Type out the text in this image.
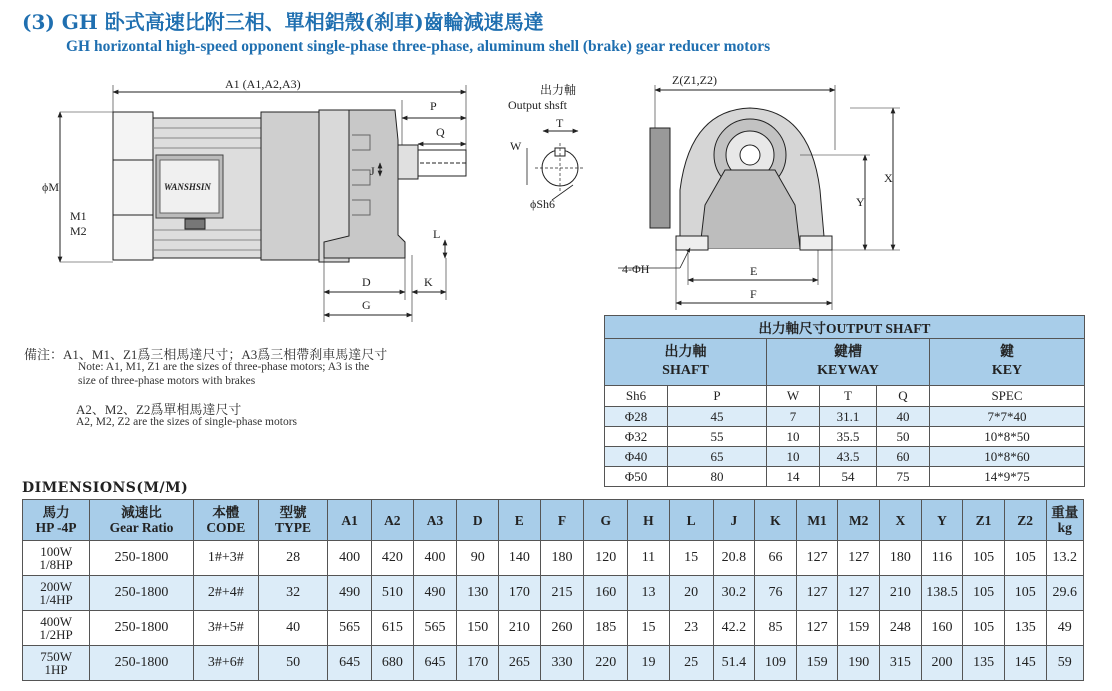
(3) GH 卧式高速比附三相、單相鋁殼(刹車)齒輪減速馬達
GH horizontal high-speed opponent single-phase three-phase, aluminum shell (brake) gear reducer motors
A1 (A1,A2,A3)
P
Q
J
L
D	K
G
ϕM
M1
M2
WANSHSIN
出力軸
Output shsft
T
W
ϕSh6
Z(Z1,Z2)
X
Y
E
F
4-ΦH
備注：A1、M1、Z1爲三相馬達尺寸；A3爲三相帶刹車馬達尺寸
Note: A1, M1, Z1 are the sizes of three-phase motors; A3 is the
size of three-phase motors with brakes
A2、M2、Z2爲單相馬達尺寸
A2, M2, Z2 are the sizes of single-phase motors
出力軸尺寸OUTPUT SHAFT					
出力軸
SHAFT		鍵槽
KEYWAY			鍵
KEY
Sh6	P	W	T	Q	SPEC
Φ28	45	7	31.1	40	7*7*40
Φ32	55	10	35.5	50	10*8*50
Φ40	65	10	43.5	60	10*8*60
Φ50	80	14	54	75	14*9*75
DIMENSIONS(M/M)
馬力
HP -4P	減速比
Gear Ratio	本體
CODE	型號
TYPE	A1	A2	A3	D	E	F	G	H	L	J	K	M1	M2	X	Y	Z1	Z2	重量
kg
100W
1/8HP	250-1800	1#+3#	28	400	420	400	90	140	180	120	11	15	20.8	66	127	127	180	116	105	105	13.2
200W
1/4HP	250-1800	2#+4#	32	490	510	490	130	170	215	160	13	20	30.2	76	127	127	210	138.5	105	105	29.6
400W
1/2HP	250-1800	3#+5#	40	565	615	565	150	210	260	185	15	23	42.2	85	127	159	248	160	105	135	49
750W
1HP	250-1800	3#+6#	50	645	680	645	170	265	330	220	19	25	51.4	109	159	190	315	200	135	145	59
